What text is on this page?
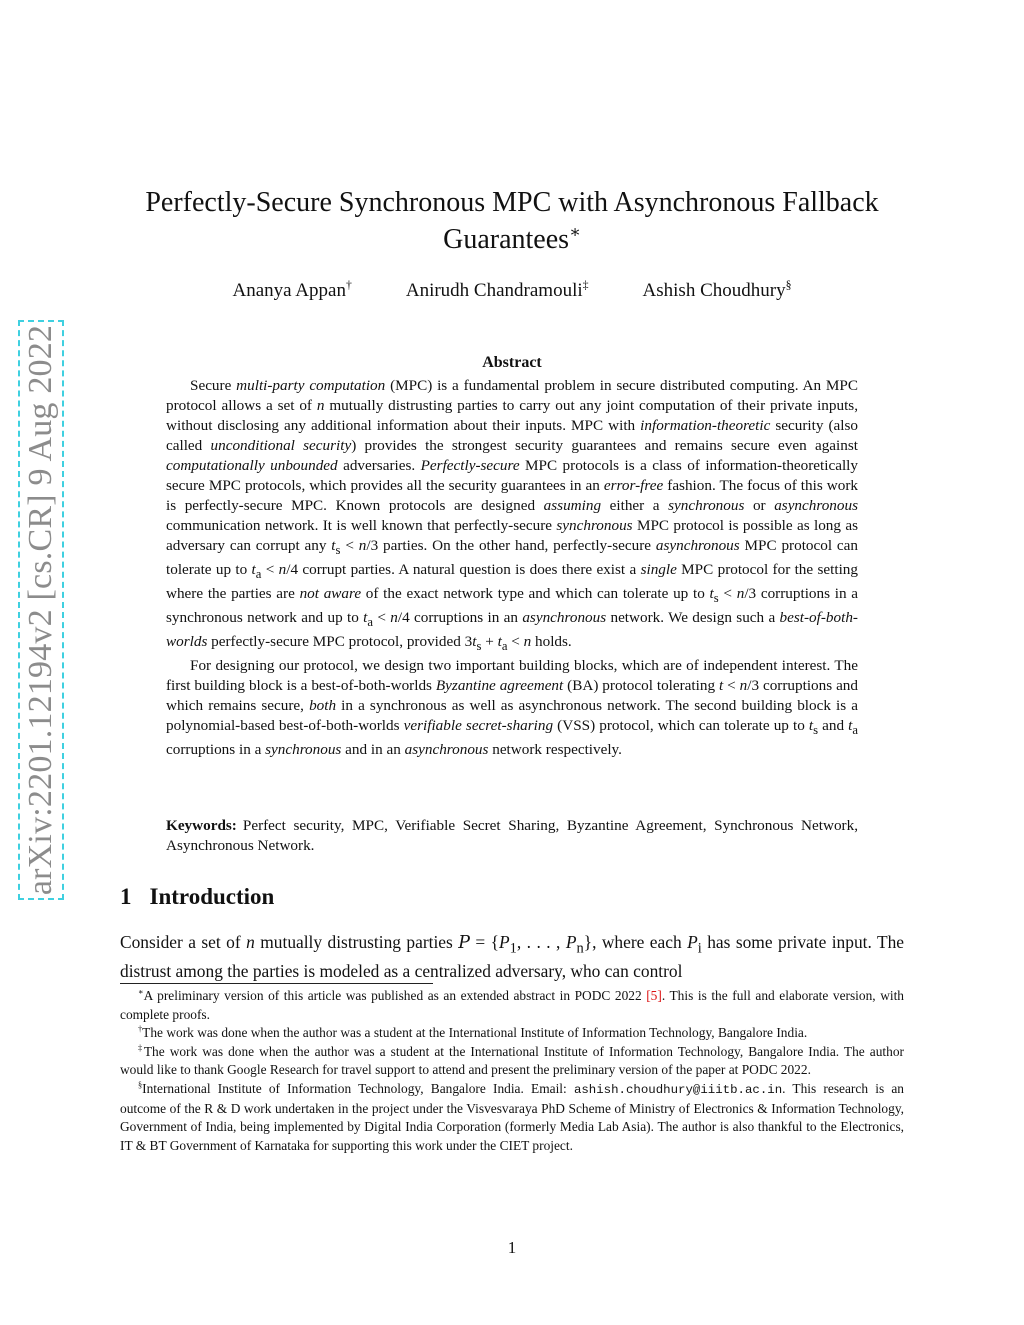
arXiv:2201.12194v2 [cs.CR] 9 Aug 2022
Perfectly-Secure Synchronous MPC with Asynchronous Fallback
Guarantees∗
Ananya Appan†	Anirudh Chandramouli‡	Ashish Choudhury§
Abstract

Secure multi-party computation (MPC) is a fundamental problem in secure distributed computing. An MPC protocol allows a set of n mutually distrusting parties to carry out any joint computation of their private inputs, without disclosing any additional information about their inputs. MPC with information-theoretic security (also called unconditional security) provides the strongest security guarantees and remains secure even against computationally unbounded adversaries. Perfectly-secure MPC protocols is a class of information-theoretically secure MPC protocols, which provides all the security guarantees in an error-free fashion. The focus of this work is perfectly-secure MPC. Known protocols are designed assuming either a synchronous or asynchronous communication network. It is well known that perfectly-secure synchronous MPC protocol is possible as long as adversary can corrupt any $t_s < n/3$ parties. On the other hand, perfectly-secure asynchronous MPC protocol can tolerate up to $t_a < n/4$ corrupt parties. A natural question is does there exist a single MPC protocol for the setting where the parties are not aware of the exact network type and which can tolerate up to $t_s < n/3$ corruptions in a synchronous network and up to $t_a < n/4$ corruptions in an asynchronous network. We design such a best-of-both-worlds perfectly-secure MPC protocol, provided $3t_s + t_a < n$ holds.

For designing our protocol, we design two important building blocks, which are of independent interest. The first building block is a best-of-both-worlds Byzantine agreement (BA) protocol tolerating t < n/3 corruptions and which remains secure, both in a synchronous as well as asynchronous network. The second building block is a polynomial-based best-of-both-worlds verifiable secret-sharing (VSS) protocol, which can tolerate up to $t_s$ and $t_a$ corruptions in a synchronous and in an asynchronous network respectively.

Keywords: Perfect security, MPC, Verifiable Secret Sharing, Byzantine Agreement, Synchronous Network, Asynchronous Network.
1 Introduction
Consider a set of n mutually distrusting parties $P = \{P_1$, . . . , $P_n$}, where each $P_i$ has some private input. The distrust among the parties is modeled as a centralized adversary, who can control

∗A preliminary version of this article was published as an extended abstract in PODC 2022 [5]. This is the full and elaborate version, with complete proofs.

†The work was done when the author was a student at the International Institute of Information Technology, Bangalore India.

‡The work was done when the author was a student at the International Institute of Information Technology, Bangalore India. The author would like to thank Google Research for travel support to attend and present the preliminary version of the paper at PODC 2022.

§International Institute of Information Technology, Bangalore India. Email: ashish.choudhury@iiitb.ac.in. This research is an outcome of the R & D work undertaken in the project under the Visvesvaraya PhD Scheme of Ministry of Electronics & Information Technology, Government of India, being implemented by Digital India Corporation (formerly Media Lab Asia). The author is also thankful to the Electronics, IT & BT Government of Karnataka for supporting this work under the CIET project.

1
